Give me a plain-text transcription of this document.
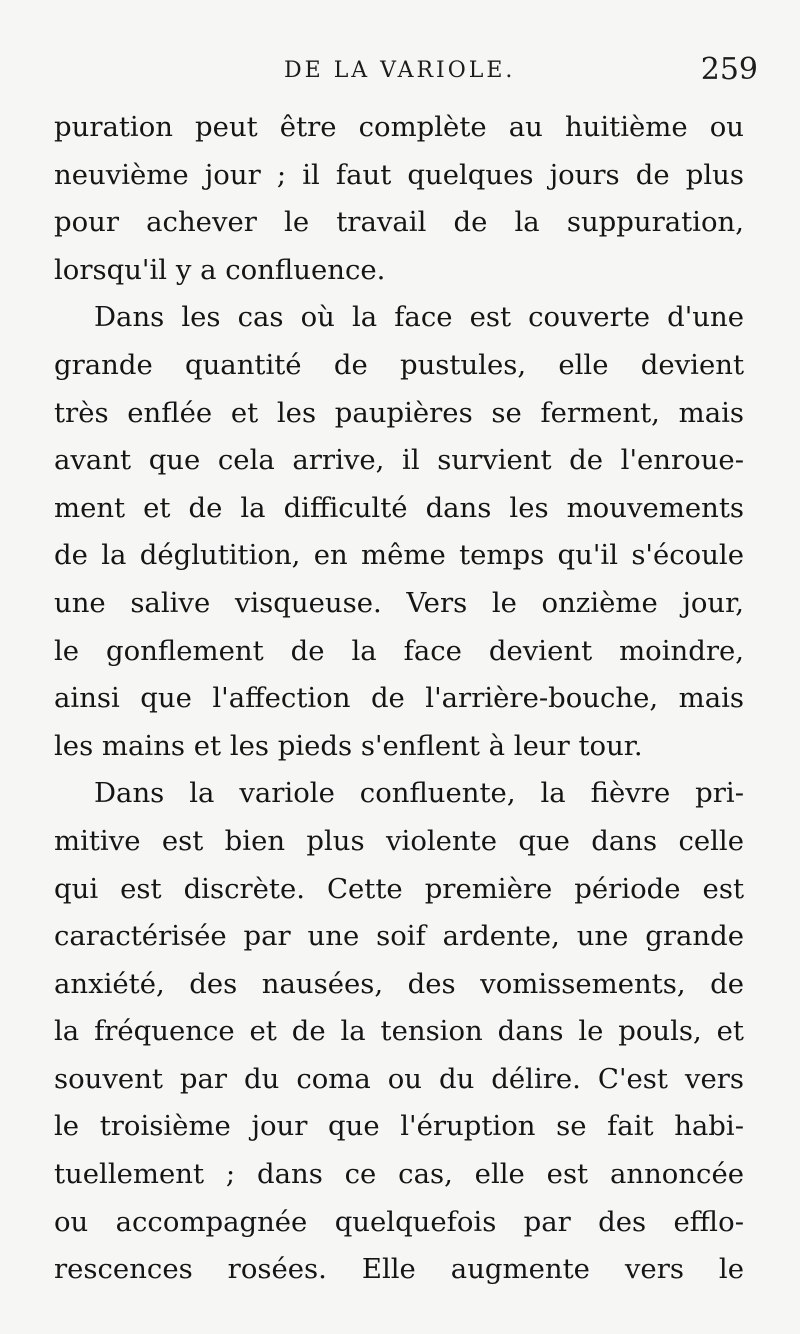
DE LA VARIOLE.	259
puration peut être complète au huitième ou
neuvième jour ; il faut quelques jours de plus
pour achever le travail de la suppuration,
lorsqu'il y a confluence.
Dans les cas où la face est couverte d'une
grande quantité de pustules, elle devient
très enflée et les paupières se ferment, mais
avant que cela arrive, il survient de l'enroue-
ment et de la difficulté dans les mouvements
de la déglutition, en même temps qu'il s'écoule
une salive visqueuse. Vers le onzième jour,
le gonflement de la face devient moindre,
ainsi que l'affection de l'arrière-bouche, mais
les mains et les pieds s'enflent à leur tour.
Dans la variole confluente, la fièvre pri-
mitive est bien plus violente que dans celle
qui est discrète. Cette première période est
caractérisée par une soif ardente, une grande
anxiété, des nausées, des vomissements, de
la fréquence et de la tension dans le pouls, et
souvent par du coma ou du délire. C'est vers
le troisième jour que l'éruption se fait habi-
tuellement ; dans ce cas, elle est annoncée
ou accompagnée quelquefois par des efflo-
rescences rosées. Elle augmente vers le
